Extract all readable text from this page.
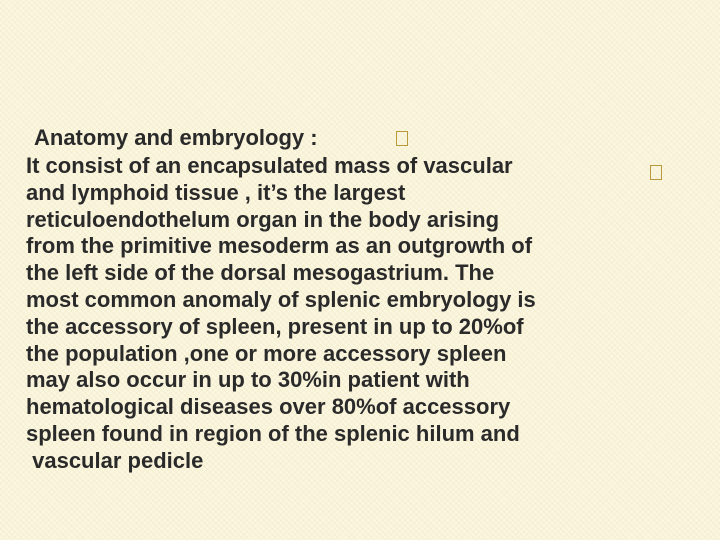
Anatomy and embryology :
It consist of an encapsulated mass of vascular
and lymphoid tissue , it’s the largest
reticuloendothelum organ in the body arising
from the primitive mesoderm as an outgrowth of
the left side of the dorsal mesogastrium. The
most common anomaly of splenic embryology is
the accessory of spleen, present in up to 20%of
the population ,one or more accessory spleen
may also occur in up to 30%in patient with
hematological diseases over 80%of accessory
spleen found in region of the splenic hilum and
vascular pedicle
